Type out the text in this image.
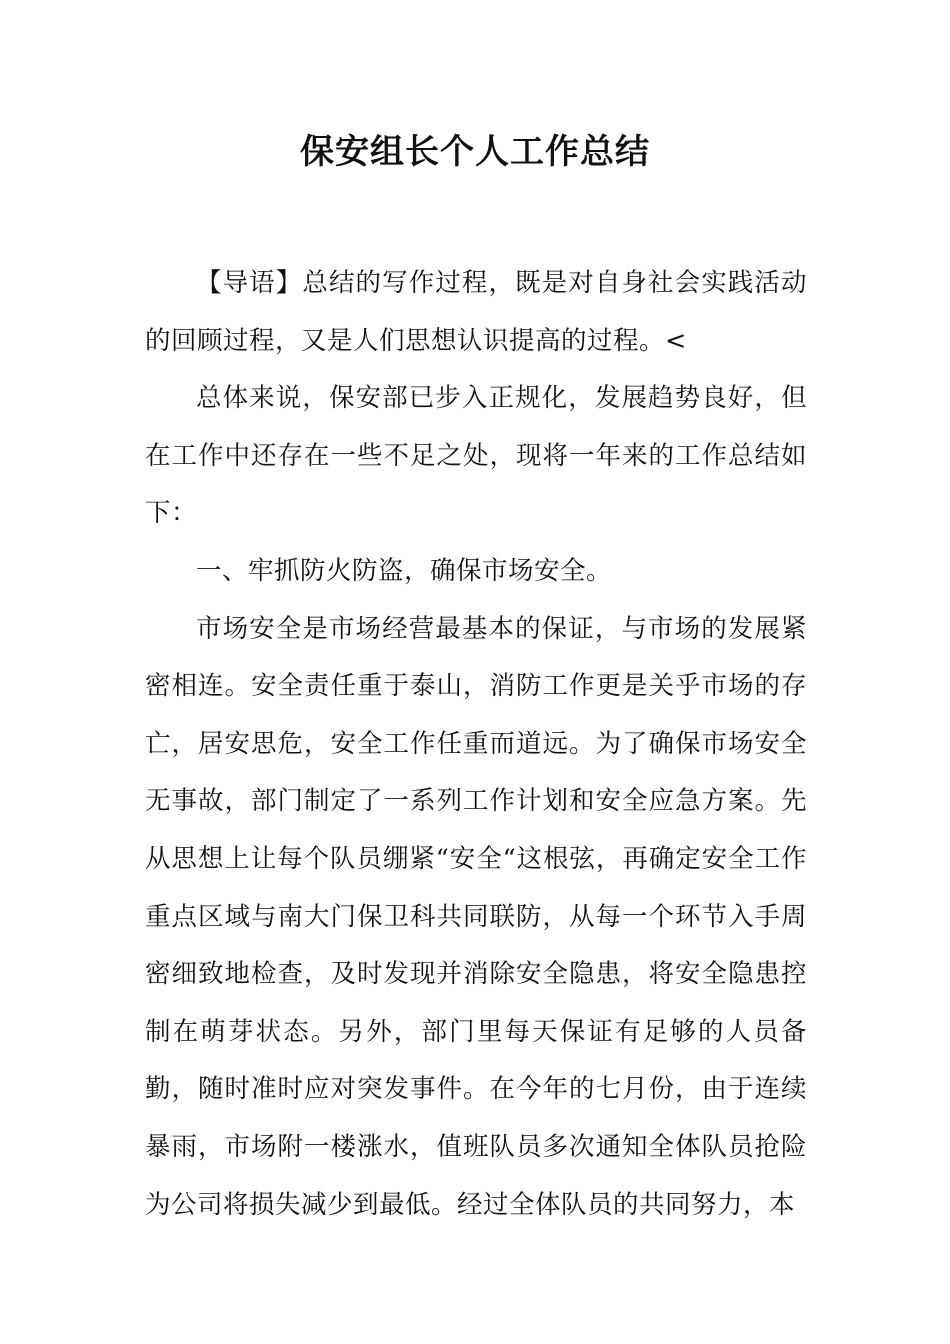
保安组长个人工作总结

【导语】总结的写作过程，既是对自身社会实践活动的回顾过程，又是人们思想认识提高的过程。<

总体来说，保安部已步入正规化，发展趋势良好，但在工作中还存在一些不足之处，现将一年来的工作总结如下：

一、牢抓防火防盗，确保市场安全。

市场安全是市场经营最基本的保证，与市场的发展紧密相连。安全责任重于泰山，消防工作更是关乎市场的存亡，居安思危，安全工作任重而道远。为了确保市场安全无事故，部门制定了一系列工作计划和安全应急方案。先从思想上让每个队员绷紧“安全“这根弦，再确定安全工作重点区域与南大门保卫科共同联防，从每一个环节入手周密细致地检查，及时发现并消除安全隐患，将安全隐患控制在萌芽状态。另外，部门里每天保证有足够的人员备勤，随时准时应对突发事件。在今年的七月份，由于连续暴雨，市场附一楼涨水，值班队员多次通知全体队员抢险为公司将损失减少到最低。经过全体队员的共同努力，本
